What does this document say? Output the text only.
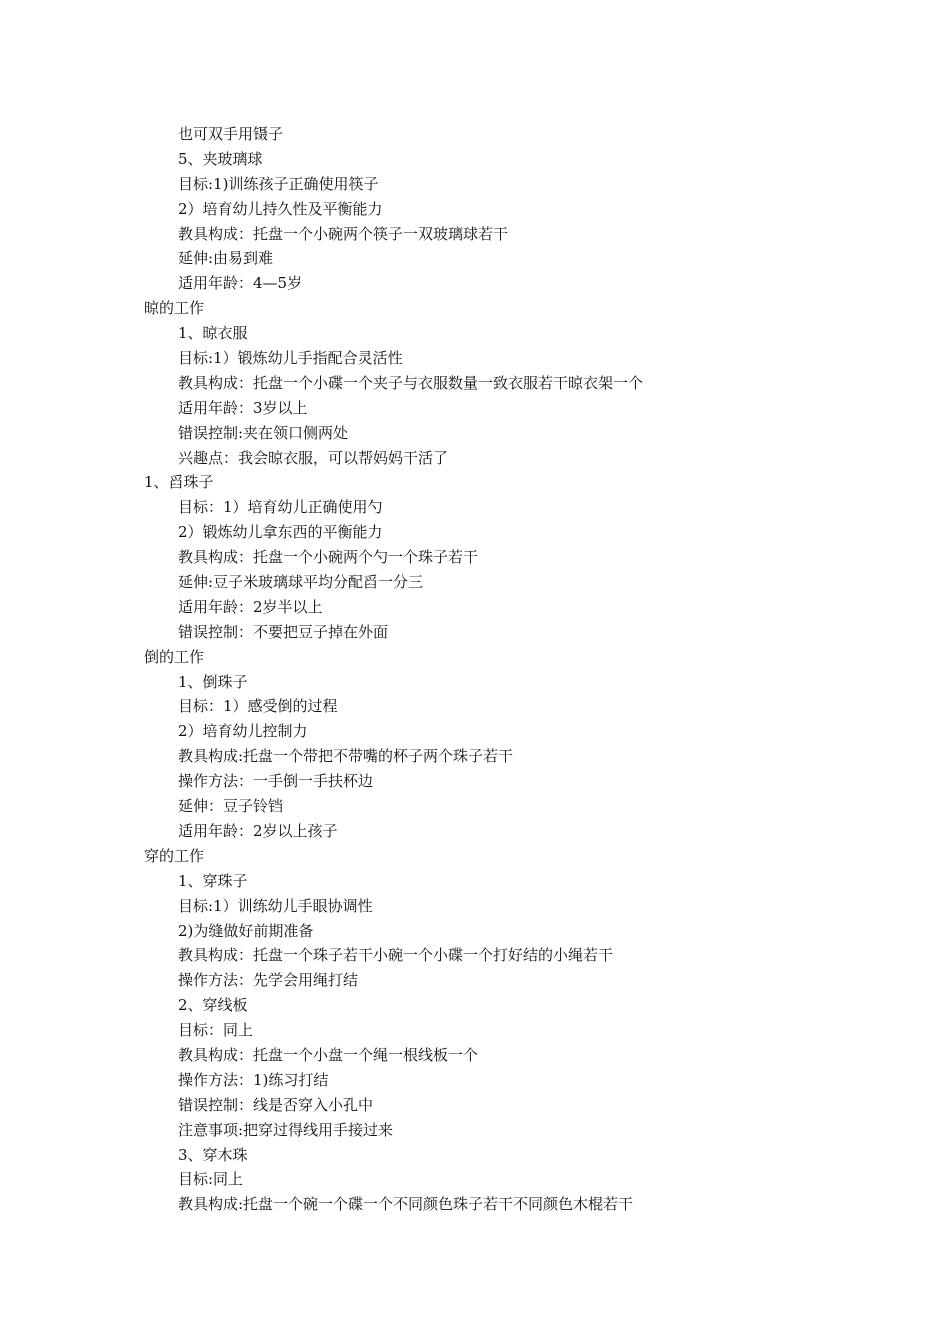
也可双手用镊子
5、夹玻璃球
目标:1)训练孩子正确使用筷子
2）培育幼儿持久性及平衡能力
教具构成：托盘一个小碗两个筷子一双玻璃球若干
延伸:由易到难
适用年龄：4—5岁
晾的工作
1、晾衣服
目标:1）锻炼幼儿手指配合灵活性
教具构成：托盘一个小碟一个夹子与衣服数量一致衣服若干晾衣架一个
适用年龄：3岁以上
错误控制:夹在领口侧两处
兴趣点：我会晾衣服，可以帮妈妈干活了
1、舀珠子
目标：1）培育幼儿正确使用勺
2）锻炼幼儿拿东西的平衡能力
教具构成：托盘一个小碗两个勺一个珠子若干
延伸:豆子米玻璃球平均分配舀一分三
适用年龄：2岁半以上
错误控制：不要把豆子掉在外面
倒的工作
1、倒珠子
目标：1）感受倒的过程
2）培育幼儿控制力
教具构成:托盘一个带把不带嘴的杯子两个珠子若干
操作方法：一手倒一手扶杯边
延伸：豆子铃铛
适用年龄：2岁以上孩子
穿的工作
1、穿珠子
目标:1）训练幼儿手眼协调性
2)为缝做好前期准备
教具构成：托盘一个珠子若干小碗一个小碟一个打好结的小绳若干
操作方法：先学会用绳打结
2、穿线板
目标：同上
教具构成：托盘一个小盘一个绳一根线板一个
操作方法：1)练习打结
错误控制：线是否穿入小孔中
注意事项:把穿过得线用手接过来
3、穿木珠
目标:同上
教具构成:托盘一个碗一个碟一个不同颜色珠子若干不同颜色木棍若干
